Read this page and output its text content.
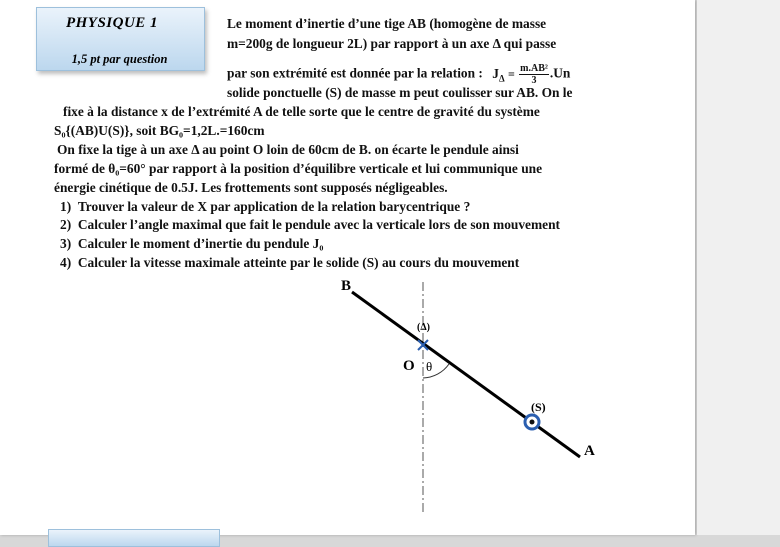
PHYSIQUE 1
1,5 pt par question
Le moment d’inertie d’une tige AB (homogène de masse
m=200g de longueur 2L) par rapport à un axe Δ qui passe
par son extrémité est donnée par la relation : $J_\Delta = \frac{\text{m.AB²}}{3} .Un$
solide ponctuelle (S) de masse m peut coulisser sur AB. On le
fixe à la distance x de l’extrémité A de telle sorte que le centre de gravité du système
S₀{(AB)U(S)}, soit BG₀=1,2L.=160cm
On fixe la tige à un axe Δ au point O loin de 60cm de B. on écarte le pendule ainsi
formé de θ₀=60° par rapport à la position d’équilibre verticale et lui communique une
énergie cinétique de 0.5J. Les frottements sont supposés négligeables.
1) Trouver la valeur de X par application de la relation barycentrique ?
2) Calculer l’angle maximal que fait le pendule avec la verticale lors de son mouvement
3) Calculer le moment d’inertie du pendule J₀
4) Calculer la vitesse maximale atteinte par le solide (S) au cours du mouvement
B
A
(Δ)
O θ
(S)
